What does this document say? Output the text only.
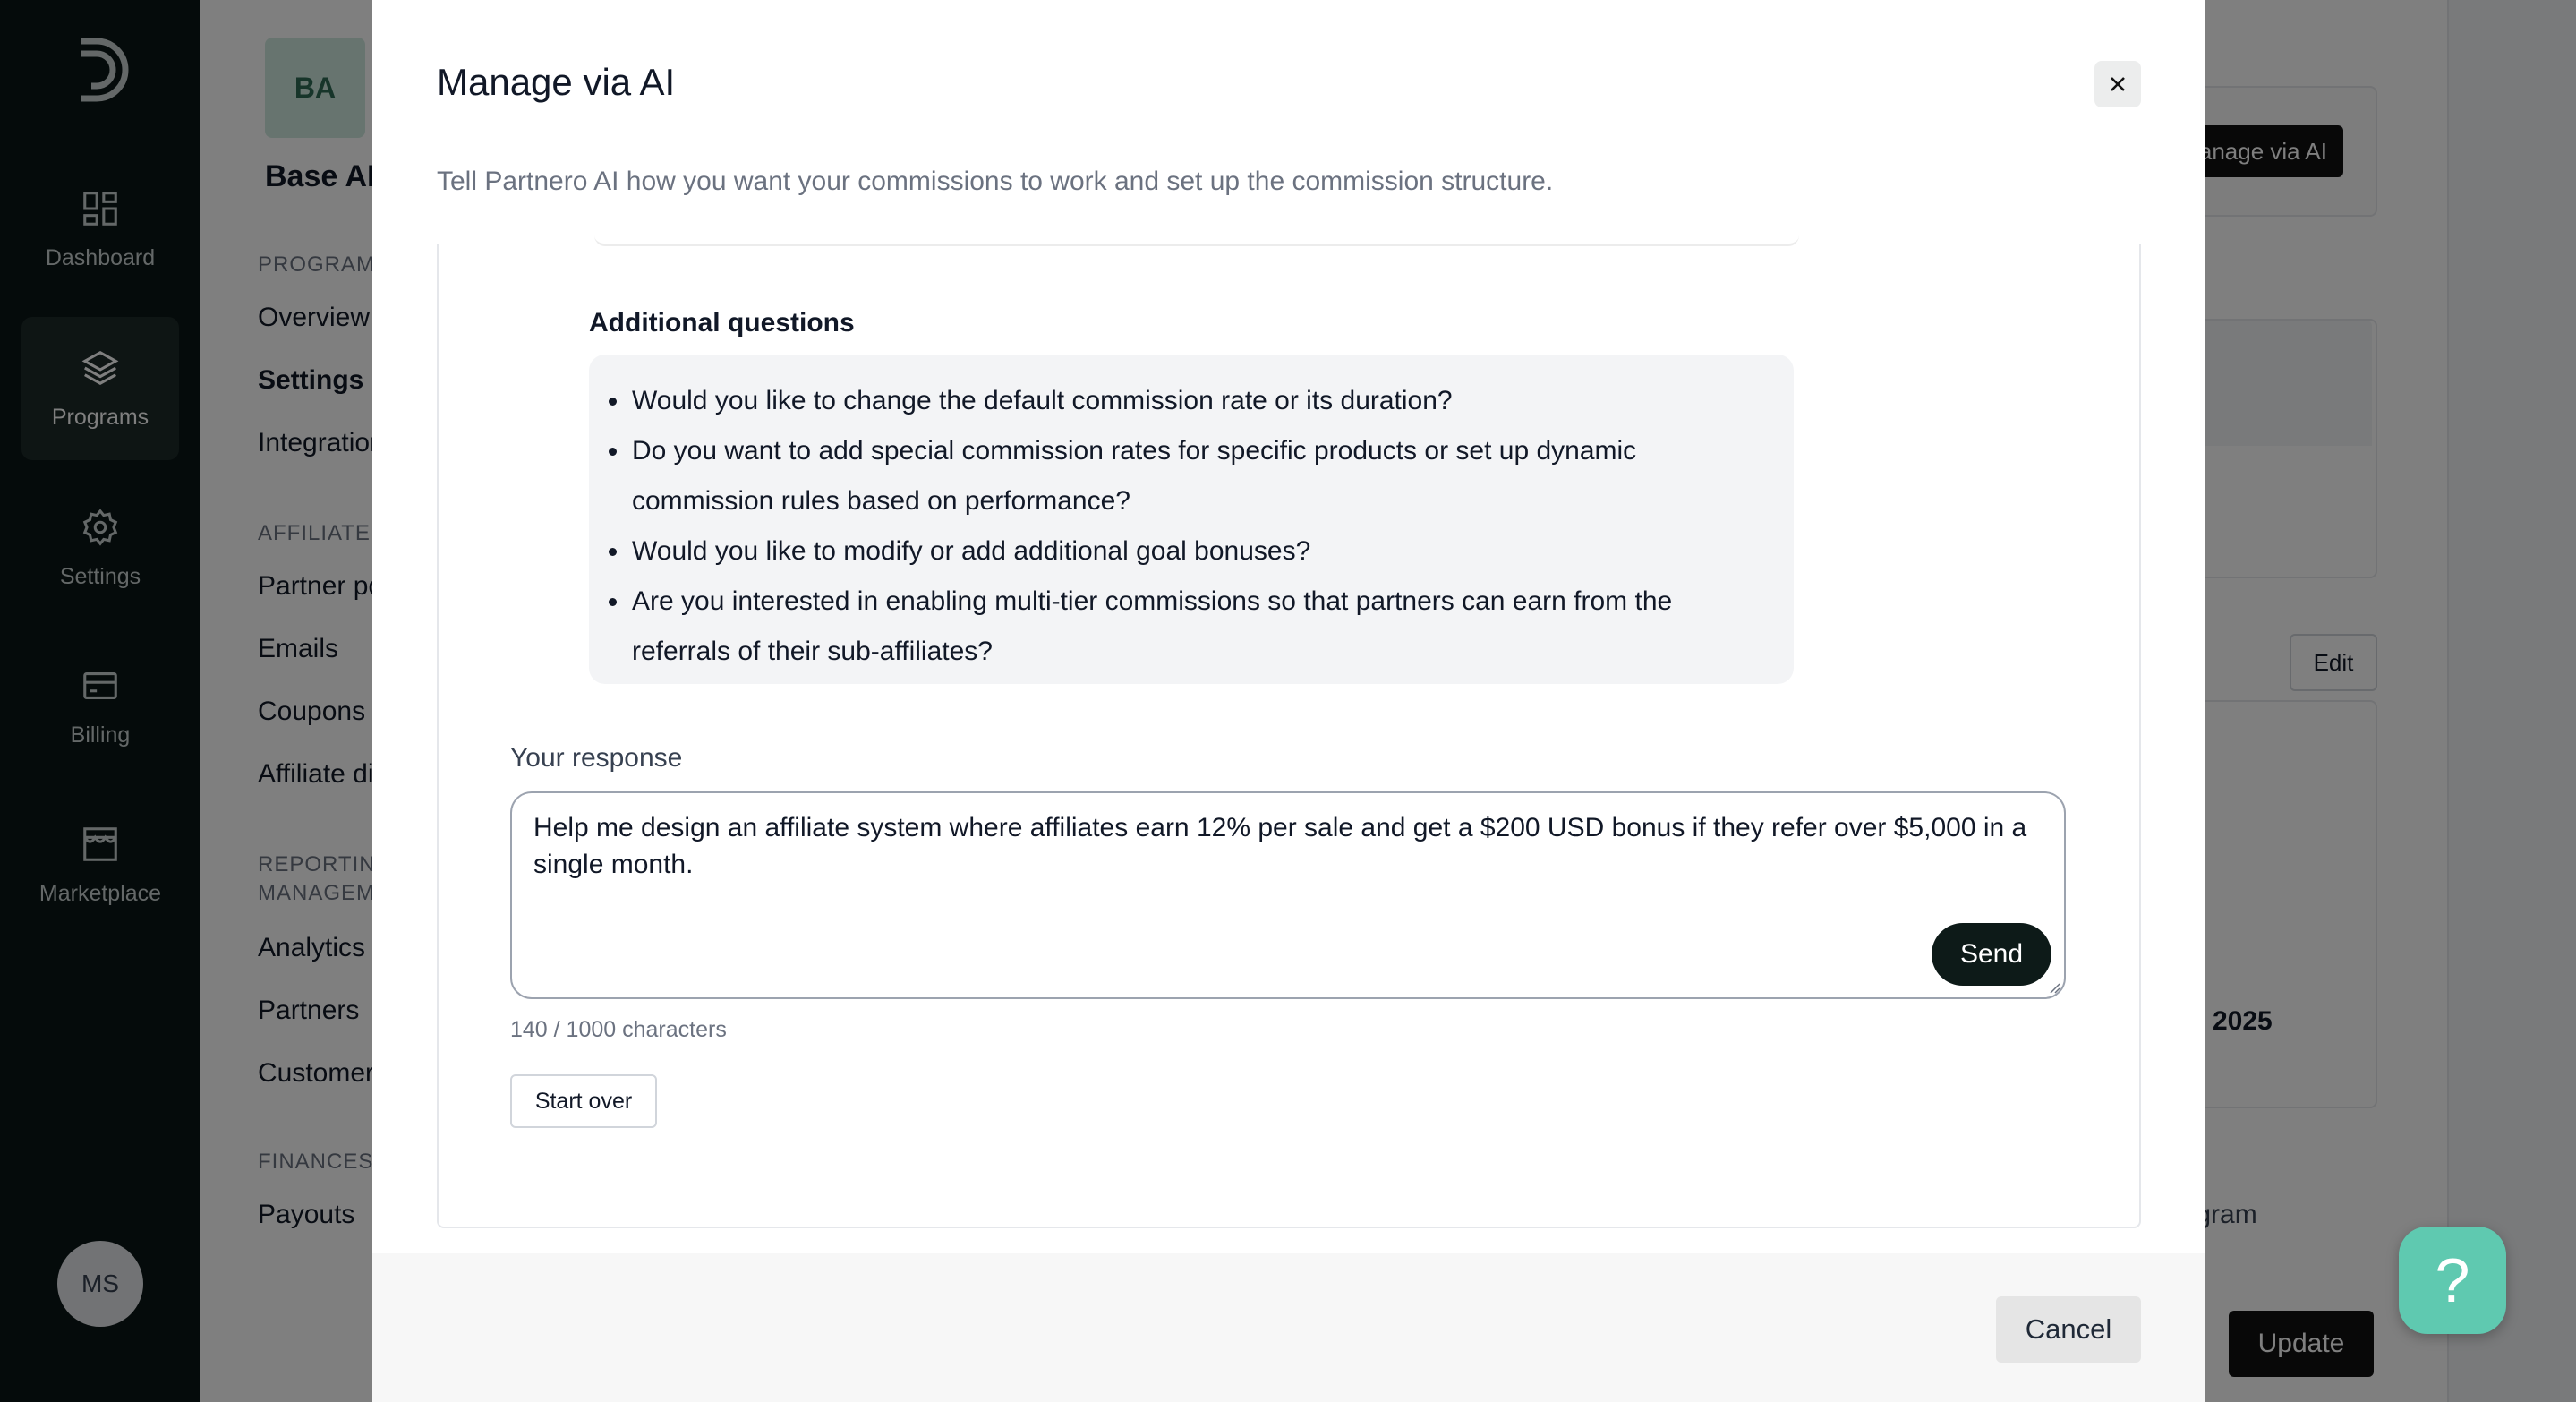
?
Manage via AI
Tell Partnero AI how you want your commissions to work and set up the commission structure.
Additional questions
Would you like to change the default commission rate or its duration?
Do you want to add special commission rates for specific products or set up dynamic commission rules based on performance?
Would you like to modify or add additional goal bonuses?
Are you interested in enabling multi-tier commissions so that partners can earn from the referrals of their sub-affiliates?
Your response
Help me design an affiliate system where affiliates earn 12% per sale and get a $200 USD bonus if they refer over $5,000 in a single month.
Send
140 / 1000 characters
Start over
Cancel
